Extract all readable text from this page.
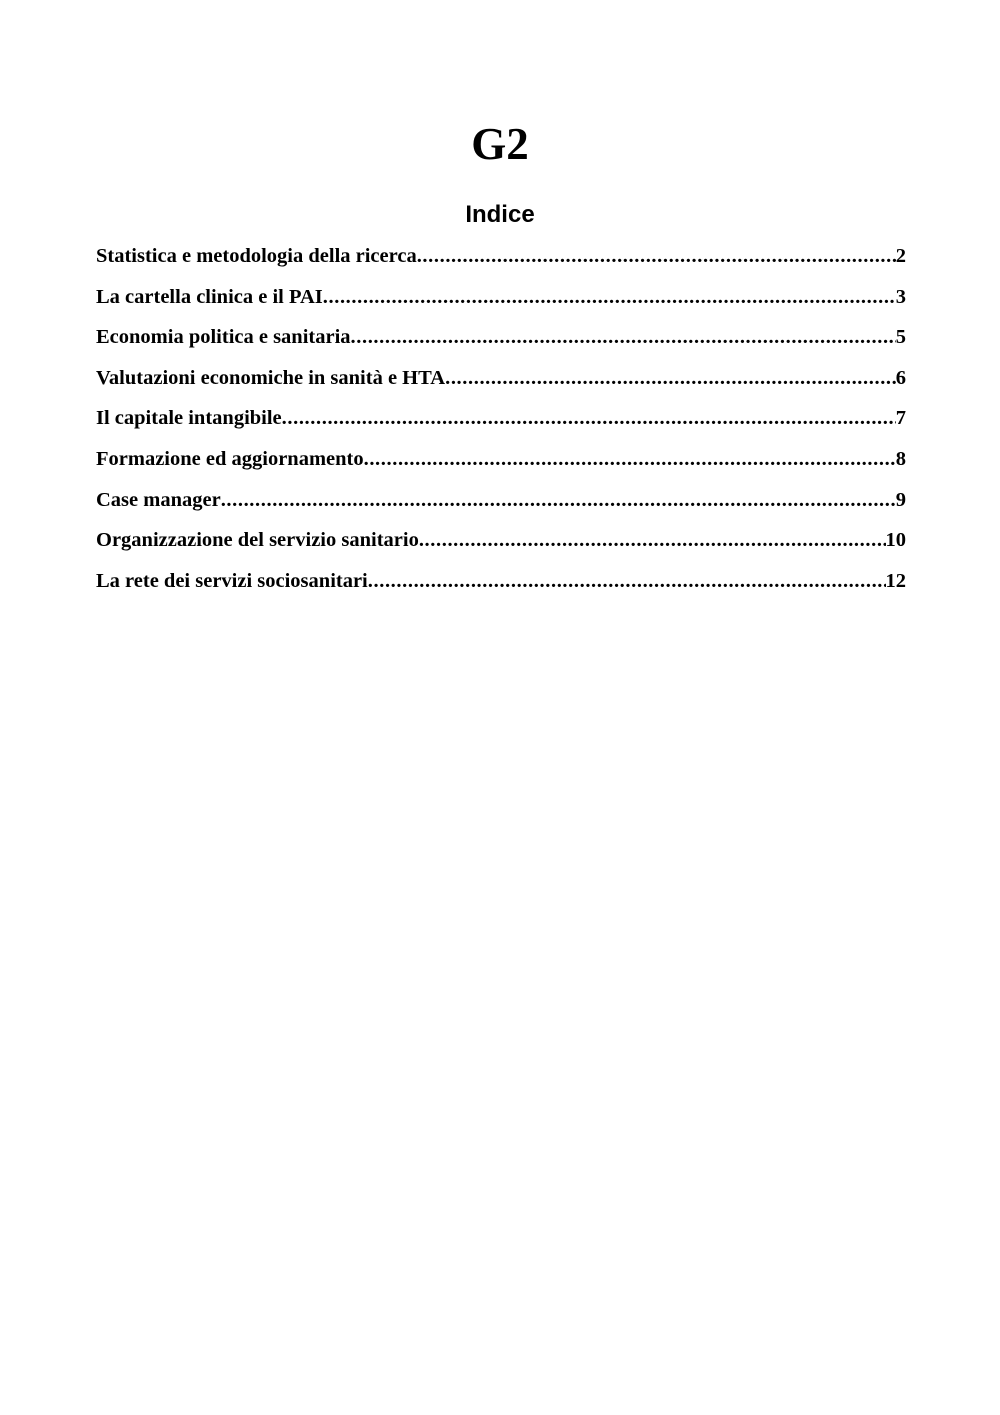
G2
Indice
Statistica e metodologia della ricerca .....	2
La cartella clinica e il PAI .....	3
Economia politica e sanitaria .....	5
Valutazioni economiche in sanità e HTA .....	6
Il capitale intangibile .....	7
Formazione ed aggiornamento .....	8
Case manager .....	9
Organizzazione del servizio sanitario .....	10
La rete dei servizi sociosanitari .....	12
